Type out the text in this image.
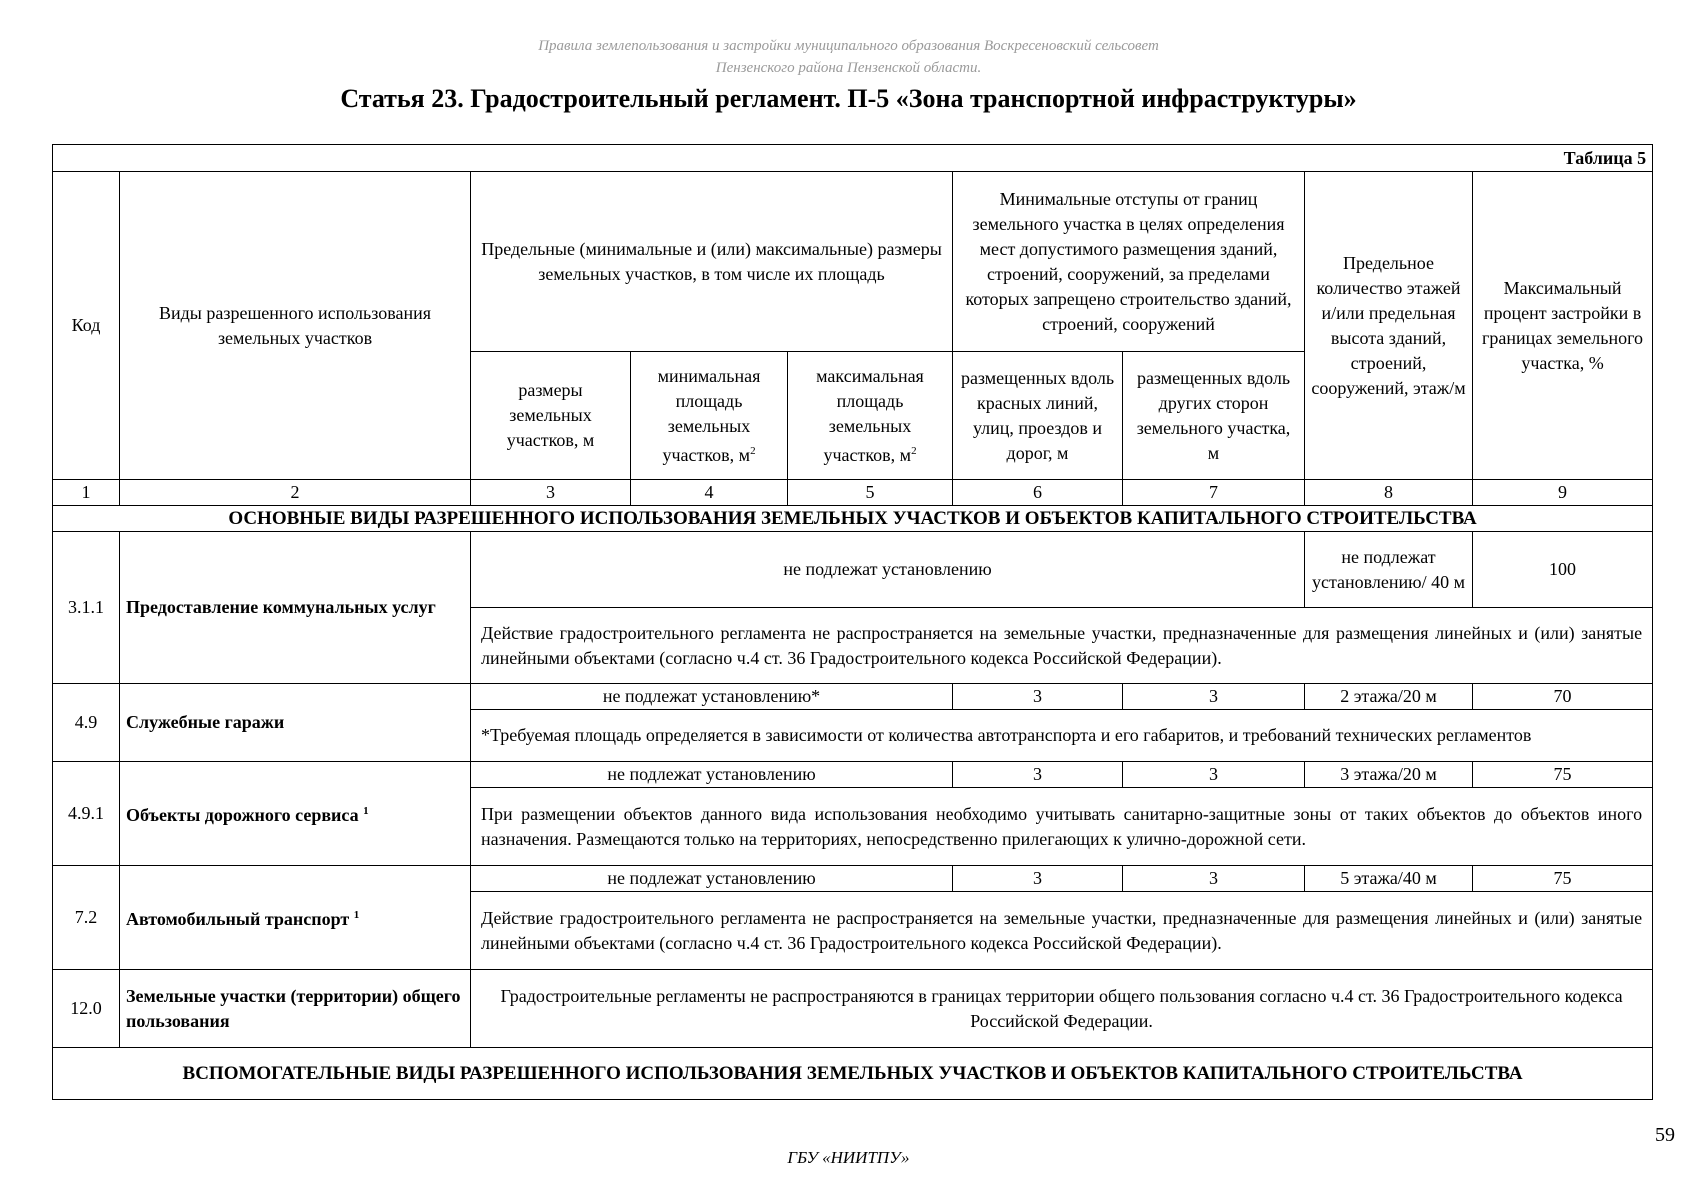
Правила землепользования и застройки муниципального образования Воскресеновский сельсовет
Пензенского района Пензенской области.
Статья 23. Градостроительный регламент. П-5 «Зона транспортной инфраструктуры»
Таблица 5								
Код	Виды разрешенного использования земельных участков	Предельные (минимальные и (или) максимальные) размеры земельных участков, в том числе их площадь			Минимальные отступы от границ земельного участка в целях определения мест допустимого размещения зданий, строений, сооружений, за пределами которых запрещено строительство зданий, строений, сооружений		Предельное количество этажей и/или предельная высота зданий, строений, сооружений, этаж/м	Максимальный процент застройки в границах земельного участка, %
		размеры земельных участков, м	минимальная площадь земельных участков, $м^2$	максимальная площадь земельных участков, $м^2$	размещенных вдоль красных линий, улиц, проездов и дорог, м	размещенных вдоль других сторон земельного участка, м		
1	2	3	4	5	6	7	8	9
ОСНОВНЫЕ ВИДЫ РАЗРЕШЕННОГО ИСПОЛЬЗОВАНИЯ ЗЕМЕЛЬНЫХ УЧАСТКОВ И ОБЪЕКТОВ КАПИТАЛЬНОГО СТРОИТЕЛЬСТВА								
3.1.1	Предоставление коммунальных услуг	не подлежат установлению					не подлежат установлению/ 40 м	100
		Действие градостроительного регламента не распространяется на земельные участки, предназначенные для размещения линейных и (или) занятые линейными объектами (согласно ч.4 ст. 36 Градостроительного кодекса Российской Федерации).						
4.9	Служебные гаражи	не подлежат установлению*			3	3	2 этажа/20 м	70
		*Требуемая площадь определяется в зависимости от количества автотранспорта и его габаритов, и требований технических регламентов						
4.9.1	Объекты дорожного сервиса $^1$	не подлежат установлению			3	3	3 этажа/20 м	75
		При размещении объектов данного вида использования необходимо учитывать санитарно-защитные зоны от таких объектов до объектов иного назначения. Размещаются только на территориях, непосредственно прилегающих к улично-дорожной сети.						
7.2	Автомобильный транспорт $^1$	не подлежат установлению			3	3	5 этажа/40 м	75
		Действие градостроительного регламента не распространяется на земельные участки, предназначенные для размещения линейных и (или) занятые линейными объектами (согласно ч.4 ст. 36 Градостроительного кодекса Российской Федерации).						
12.0	Земельные участки (территории) общего пользования	Градостроительные регламенты не распространяются в границах территории общего пользования согласно ч.4 ст. 36 Градостроительного кодекса Российской Федерации.						
ВСПОМОГАТЕЛЬНЫЕ ВИДЫ РАЗРЕШЕННОГО ИСПОЛЬЗОВАНИЯ ЗЕМЕЛЬНЫХ УЧАСТКОВ И ОБЪЕКТОВ КАПИТАЛЬНОГО СТРОИТЕЛЬСТВА								
59
ГБУ «НИИТПУ»
